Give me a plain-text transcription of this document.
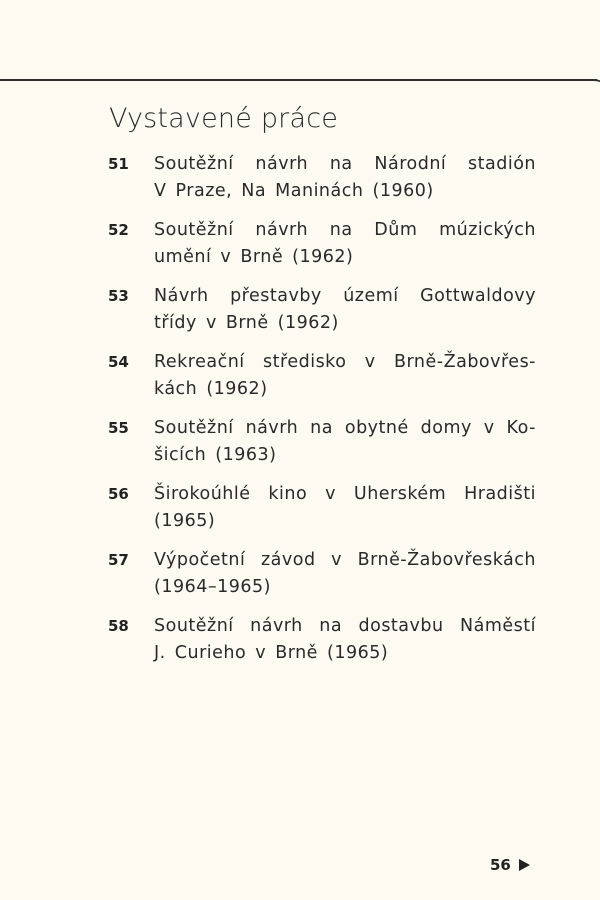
Vystavené práce
51	Soutěžní návrh na Národní stadión
V Praze, Na Maninách (1960)
52	Soutěžní návrh na Dům múzických
umění v Brně (1962)
53	Návrh přestavby území Gottwaldovy
třídy v Brně (1962)
54	Rekreační středisko v Brně-Žabovřes-
kách (1962)
55	Soutěžní návrh na obytné domy v Ko-
šicích (1963)
56	Širokoúhlé kino v Uherském Hradišti
(1965)
57	Výpočetní závod v Brně-Žabovřeskách
(1964–1965)
58	Soutěžní návrh na dostavbu Náměstí
J. Curieho v Brně (1965)
56
